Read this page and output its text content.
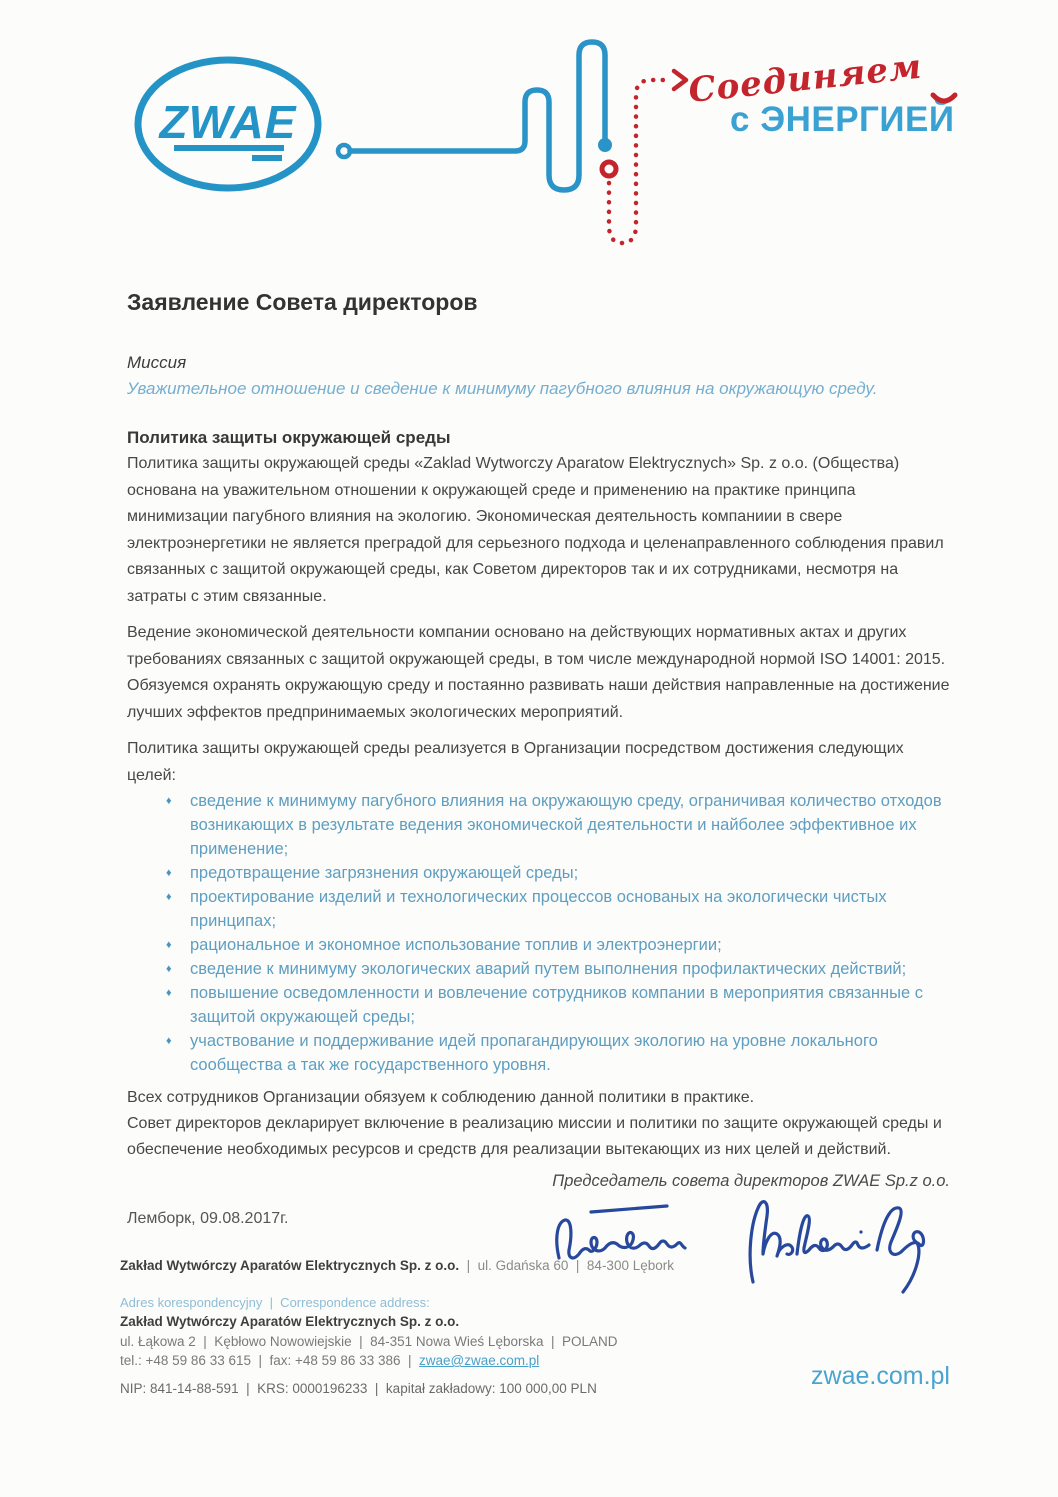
ZWAE
Соединяем
с ЭНЕРГИЕЙ
Заявление Совета директоров
Миссия
Уважительное отношение и сведение к минимуму пагубного влияния на окружающую среду.
Политика защиты окружающей среды

Политика защиты окружающей среды «Zaklad Wytworczy Aparatow Elektrycznych» Sp. z o.o. (Общества) основана на уважительном отношении к окружающей среде и применению на практике принципа минимизации пагубного влияния на экологию. Экономическая деятельность компаниии в свере электроэнергетики не является преградой для серьезного подхода и целенаправленного соблюдения правил связанных с защитой окружающей среды, как Советом директоров так и их сотрудниками, несмотря на затраты с этим связанные.

Ведение экономической деятельности компании основано на действующих нормативных актах и других требованиях связанных с защитой окружающей среды, в том числе международной нормой ISO 14001: 2015. Обязуемся охранять окружающую среду и постаянно развивать наши действия направленные на достижение лучших эффектов предпринимаемых экологических мероприятий.

Политика защиты окружающей среды реализуется в Организации посредством достижения следующих целей:

♦	сведение к минимуму пагубного влияния на окружающую среду, ограничивая количество отходов возникающих в результате ведения экономической деятельности и найболее эффективное их применение;
♦	предотвращение загрязнения окружающей среды;
♦	проектирование изделий и технологических процессов основаных на экологически чистых принципах;
♦	рациональное и экономное использование топлив и электроэнергии;
♦	сведение к минимуму экологических аварий путем выполнения профилактических действий;
♦	повышение осведомленности и вовлечение сотрудников компании в мероприятия связанные с защитой окружающей среды;
♦	участвование и поддерживание идей пропагандирующих экологию на уровне локального сообщества а так же государственного уровня.

Всех сотрудников Организации обязуем к соблюдению данной политики в практике.

Совет директоров декларирует включение в реализацию миссии и политики по защите окружающей среды и обеспечение необходимых ресурсов и средств для реализации вытекающих из них целей и действий.

Председатель совета директоров ZWAE Sp.z o.o.
Лемборк, 09.08.2017г.
Zakład Wytwórczy Aparatów Elektrycznych Sp. z o.o.  |  ul. Gdańska 60  |  84-300 Lębork
Adres korespondencyjny  |  Correspondence address:
Zakład Wytwórczy Aparatów Elektrycznych Sp. z o.o.
ul. Łąkowa 2  |  Kębłowo Nowowiejskie  |  84-351 Nowa Wieś Lęborska  |  POLAND
tel.: +48 59 86 33 615  |  fax: +48 59 86 33 386  |  zwae@zwae.com.pl
NIP: 841-14-88-591  |  KRS: 0000196233  |  kapitał zakładowy: 100 000,00 PLN	zwae.com.pl
